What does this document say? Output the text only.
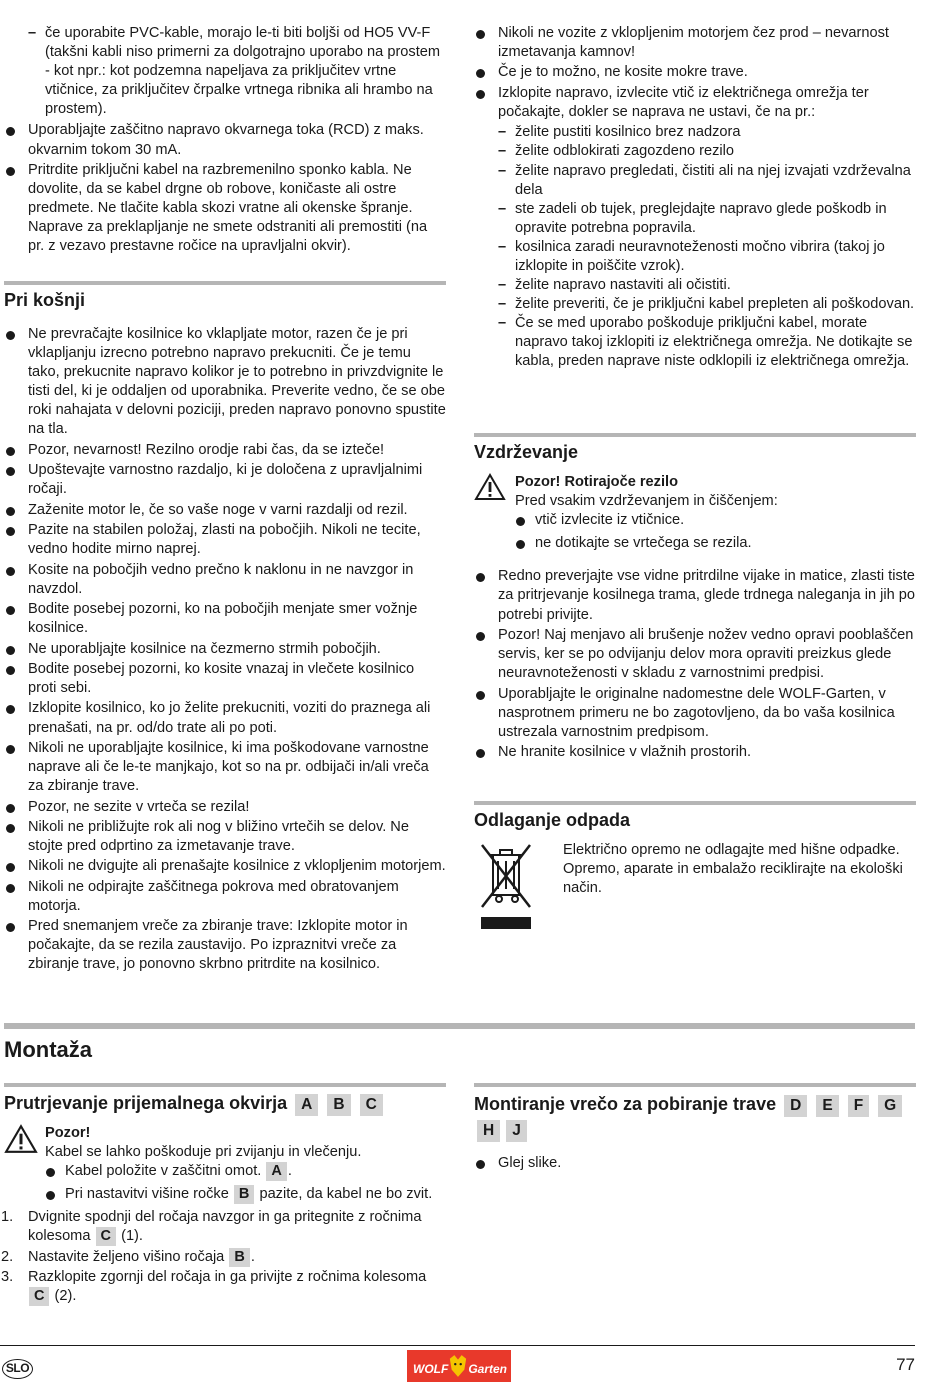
– če uporabite PVC-kable, morajo le-ti biti boljši od HO5 VV-F (takšni kabli niso primerni za dolgotrajno uporabo na prostem - kot npr.: kot podzemna napeljava za priključitev vrtne vtičnice, za priključitev črpalke vrtnega ribnika ali hrambo na prostem).
Uporabljajte zaščitno napravo okvarnega toka (RCD) z maks. okvarnim tokom 30 mA.
Pritrdite priključni kabel na razbremenilno sponko kabla. Ne dovolite, da se kabel drgne ob robove, koničaste ali ostre predmete. Ne tlačite kabla skozi vratne ali okenske špranje. Naprave za preklapljanje ne smete odstraniti ali premostiti (na pr. z vezavo prestavne ročice na upravljalni okvir).
Pri košnji
Ne prevračajte kosilnice ko vklapljate motor, razen če je pri vklapljanju izrecno potrebno napravo prekucniti. Če je temu tako, prekucnite napravo kolikor je to potrebno in privzdvignite le tisti del, ki je oddaljen od uporabnika. Preverite vedno, če se obe roki nahajata v delovni poziciji, preden napravo ponovno spustite na tla.
Pozor, nevarnost! Rezilno orodje rabi čas, da se izteče!
Upoštevajte varnostno razdaljo, ki je določena z upravljalnimi ročaji.
Zaženite motor le, če so vaše noge v varni razdalji od rezil.
Pazite na stabilen položaj, zlasti na pobočjih. Nikoli ne tecite, vedno hodite mirno naprej.
Kosite na pobočjih vedno prečno k naklonu in ne navzgor in navzdol.
Bodite posebej pozorni, ko na pobočjih menjate smer vožnje kosilnice.
Ne uporabljajte kosilnice na čezmerno strmih pobočjih.
Bodite posebej pozorni, ko kosite vnazaj in vlečete kosilnico proti sebi.
Izklopite kosilnico, ko jo želite prekucniti, voziti do praznega ali prenašati, na pr. od/do trate ali po poti.
Nikoli ne uporabljajte kosilnice, ki ima poškodovane varnostne naprave ali če le-te manjkajo, kot so na pr. odbijači in/ali vreča za zbiranje trave.
Pozor, ne sezite v vrteča se rezila!
Nikoli ne približujte rok ali nog v bližino vrtečih se delov. Ne stojte pred odprtino za izmetavanje trave.
Nikoli ne dvigujte ali prenašajte kosilnice z vklopljenim motorjem.
Nikoli ne odpirajte zaščitnega pokrova med obratovanjem motorja.
Pred snemanjem vreče za zbiranje trave: Izklopite motor in počakajte, da se rezila zaustavijo. Po izpraznitvi vreče za zbiranje trave, jo ponovno skrbno pritrdite na kosilnico.
Nikoli ne vozite z vklopljenim motorjem čez prod – nevarnost izmetavanja kamnov!
Če je to možno, ne kosite mokre trave.
Izklopite napravo, izvlecite vtič iz električnega omrežja ter počakajte, dokler se naprava ne ustavi, če na pr.:
– želite pustiti kosilnico brez nadzora
– želite odblokirati zagozdeno rezilo
– želite napravo pregledati, čistiti ali na njej izvajati vzdrževalna dela
– ste zadeli ob tujek, preglejdajte napravo glede poškodb in opravite potrebna popravila.
– kosilnica zaradi neuravnoteženosti močno vibrira (takoj jo izklopite in poiščite vzrok).
– želite napravo nastaviti ali očistiti.
– želite preveriti, če je priključni kabel prepleten ali poškodovan.
– Če se med uporabo poškoduje priključni kabel, morate napravo takoj izklopiti iz električnega omrežja. Ne dotikajte se kabla, preden naprave niste odklopili iz električnega omrežja.
Vzdrževanje
Pozor! Rotirajoče rezilo
Pred vsakim vzdrževanjem in čiščenjem:
vtič izvlecite iz vtičnice.
ne dotikajte se vrtečega se rezila.
Redno preverjajte vse vidne pritrdilne vijake in matice, zlasti tiste za pritrjevanje kosilnega trama, glede trdnega naleganja in jih po potrebi privijte.
Pozor! Naj menjavo ali brušenje nožev vedno opravi pooblaščen servis, ker se po odvijanju delov mora opraviti preizkus glede neuravnoteženosti v skladu z varnostnimi predpisi.
Uporabljajte le originalne nadomestne dele WOLF-Garten, v nasprotnem primeru ne bo zagotovljeno, da bo vaša kosilnica ustrezala varnostnim predpisom.
Ne hranite kosilnice v vlažnih prostorih.
Odlaganje odpada
Električno opremo ne odlagajte med hišne odpadke. Opremo, aparate in embalažo reciklirajte na ekološki način.
Montaža
Prutrjevanje prijemalnega okvirja A B C
Pozor!
Kabel se lahko poškoduje pri zvijanju in vlečenju.
Kabel položite v zaščitni omot. A .
Pri nastavitvi višine ročke B pazite, da kabel ne bo zvit.
1. Dvignite spodnji del ročaja navzgor in ga pritegnite z ročnima kolesoma C (1).
2. Nastavite željeno višino ročaja B .
3. Razklopite zgornji del ročaja in ga privijte z ročnima kolesoma C (2).
Montiranje vrečo za pobiranje trave D E F G H J
Glej slike.
SLO	WOLF Garten	77
